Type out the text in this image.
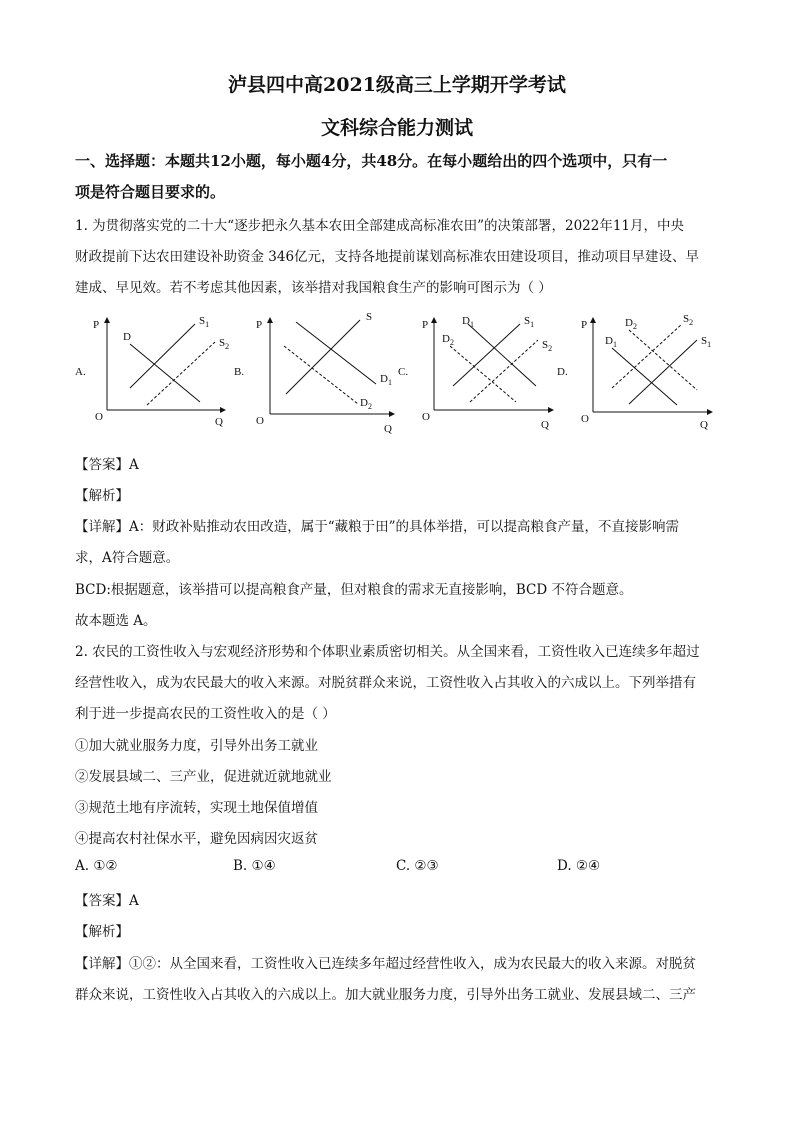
泸县四中高2021级高三上学期开学考试
文科综合能力测试
一、选择题：本题共12小题，每小题4分，共48分。在每小题给出的四个选项中，只有一
项是符合题目要求的。
1. 为贯彻落实党的二十大“逐步把永久基本农田全部建成高标准农田”的决策部署，2022年11月，中央
财政提前下达农田建设补助资金 346亿元，支持各地提前谋划高标准农田建设项目，推动项目早建设、早
建成、早见效。若不考虑其他因素，该举措对我国粮食生产的影响可图示为（ ）
A.
P
O	Q
D
$S_1$
$S_2$
B.
P
O
Q
S
$D_1$
$D_2$
C.
P
O
Q
$D_1$
$D_2$
$S_1$
$S_2$
D.
P
O	Q
$D_2$
$D_1$
$S_2$
$S_1$
【答案】A
【解析】
【详解】A：财政补贴推动农田改造，属于“藏粮于田”的具体举措，可以提高粮食产量，不直接影响需
求，A符合题意。
BCD:根据题意，该举措可以提高粮食产量，但对粮食的需求无直接影响，BCD 不符合题意。
故本题选 A。
2. 农民的工资性收入与宏观经济形势和个体职业素质密切相关。从全国来看，工资性收入已连续多年超过
经营性收入，成为农民最大的收入来源。对脱贫群众来说，工资性收入占其收入的六成以上。下列举措有
利于进一步提高农民的工资性收入的是（ ）
①加大就业服务力度，引导外出务工就业
②发展县域二、三产业，促进就近就地就业
③规范土地有序流转，实现土地保值增值
④提高农村社保水平，避免因病因灾返贫
A. ①②	B. ①④	C. ②③	D. ②④
【答案】A
【解析】
【详解】①②：从全国来看，工资性收入已连续多年超过经营性收入，成为农民最大的收入来源。对脱贫
群众来说，工资性收入占其收入的六成以上。加大就业服务力度，引导外出务工就业、发展县域二、三产
